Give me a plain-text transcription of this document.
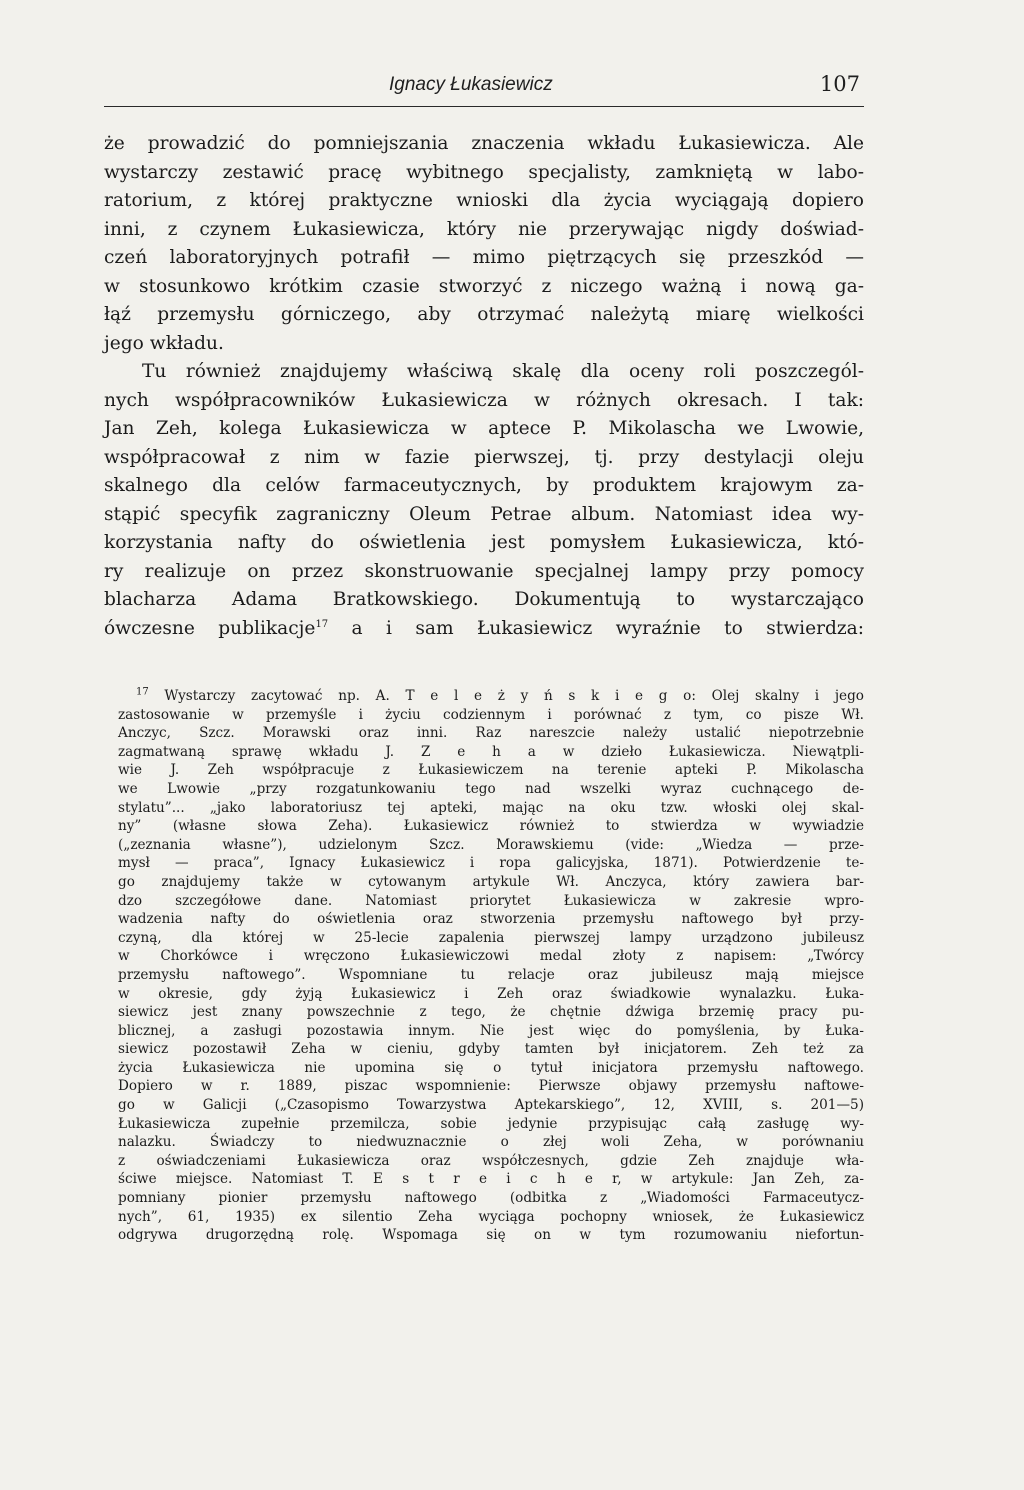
Ignacy Łukasiewicz	107
że prowadzić do pomniejszania znaczenia wkładu Łukasiewicza. Ale
wystarczy zestawić pracę wybitnego specjalisty, zamkniętą w labo-
ratorium, z której praktyczne wnioski dla życia wyciągają dopiero
inni, z czynem Łukasiewicza, który nie przerywając nigdy doświad-
czeń laboratoryjnych potrafił — mimo piętrzących się przeszkód —
w stosunkowo krótkim czasie stworzyć z niczego ważną i nową ga-
łąź przemysłu górniczego, aby otrzymać należytą miarę wielkości
jego wkładu.
Tu również znajdujemy właściwą skalę dla oceny roli poszczegól-
nych współpracowników Łukasiewicza w różnych okresach. I tak:
Jan Zeh, kolega Łukasiewicza w aptece P. Mikolascha we Lwowie,
współpracował z nim w fazie pierwszej, tj. przy destylacji oleju
skalnego dla celów farmaceutycznych, by produktem krajowym za-
stąpić specyfik zagraniczny Oleum Petrae album. Natomiast idea wy-
korzystania nafty do oświetlenia jest pomysłem Łukasiewicza, któ-
ry realizuje on przez skonstruowanie specjalnej lampy przy pomocy
blacharza Adama Bratkowskiego. Dokumentują to wystarczająco
ówczesne publikacje$^{17}$ a i sam Łukasiewicz wyraźnie to stwierdza:
$^{17}$ Wystarczy zacytować np. A. T e l e ż y ń s k i e g o: Olej skalny i jego
zastosowanie w przemyśle i życiu codziennym i porównać z tym, co pisze Wł.
Anczyc, Szcz. Morawski oraz inni. Raz nareszcie należy ustalić niepotrzebnie
zagmatwaną sprawę wkładu J. Z e h a w dzieło Łukasiewicza. Niewątpli-
wie J. Zeh współpracuje z Łukasiewiczem na terenie apteki P. Mikolascha
we Lwowie „przy rozgatunkowaniu tego nad wszelki wyraz cuchnącego de-
stylatu”... „jako laboratoriusz tej apteki, mając na oku tzw. włoski olej skal-
ny” (własne słowa Zeha). Łukasiewicz również to stwierdza w wywiadzie
(„zeznania własne”), udzielonym Szcz. Morawskiemu (vide: „Wiedza — prze-
mysł — praca”, Ignacy Łukasiewicz i ropa galicyjska, 1871). Potwierdzenie te-
go znajdujemy także w cytowanym artykule Wł. Anczyca, który zawiera bar-
dzo szczegółowe dane. Natomiast priorytet Łukasiewicza w zakresie wpro-
wadzenia nafty do oświetlenia oraz stworzenia przemysłu naftowego był przy-
czyną, dla której w 25-lecie zapalenia pierwszej lampy urządzono jubileusz
w Chorkówce i wręczono Łukasiewiczowi medal złoty z napisem: „Twórcy
przemysłu naftowego”. Wspomniane tu relacje oraz jubileusz mają miejsce
w okresie, gdy żyją Łukasiewicz i Zeh oraz świadkowie wynalazku. Łuka-
siewicz jest znany powszechnie z tego, że chętnie dźwiga brzemię pracy pu-
blicznej, a zasługi pozostawia innym. Nie jest więc do pomyślenia, by Łuka-
siewicz pozostawił Zeha w cieniu, gdyby tamten był inicjatorem. Zeh też za
życia Łukasiewicza nie upomina się o tytuł inicjatora przemysłu naftowego.
Dopiero w r. 1889, piszac wspomnienie: Pierwsze objawy przemysłu naftowe-
go w Galicji („Czasopismo Towarzystwa Aptekarskiego”, 12, XVIII, s. 201—5)
Łukasiewicza zupełnie przemilcza, sobie jedynie przypisując całą zasługę wy-
nalazku. Świadczy to niedwuznacznie o złej woli Zeha, w porównaniu
z oświadczeniami Łukasiewicza oraz współczesnych, gdzie Zeh znajduje wła-
ściwe miejsce. Natomiast T. E s t r e i c h e r, w artykule: Jan Zeh, za-
pomniany pionier przemysłu naftowego (odbitka z „Wiadomości Farmaceutycz-
nych”, 61, 1935) ex silentio Zeha wyciąga pochopny wniosek, że Łukasiewicz
odgrywa drugorzędną rolę. Wspomaga się on w tym rozumowaniu niefortun-
